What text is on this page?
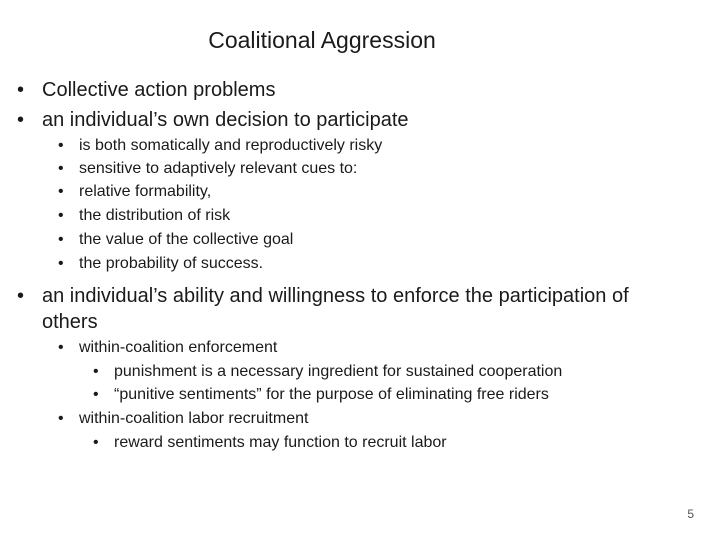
Coalitional Aggression
• Collective action problems
• an individual’s own decision to participate
• is both somatically and reproductively risky
• sensitive to adaptively relevant cues to:
• relative formability,
• the distribution of risk
• the value of the collective goal
• the probability of success.
• an individual’s ability and willingness to enforce the participation of
others
• within-coalition enforcement
• punishment is a necessary ingredient for sustained cooperation
• “punitive sentiments” for the purpose of eliminating free riders
• within-coalition labor recruitment
• reward sentiments may function to recruit labor
5
